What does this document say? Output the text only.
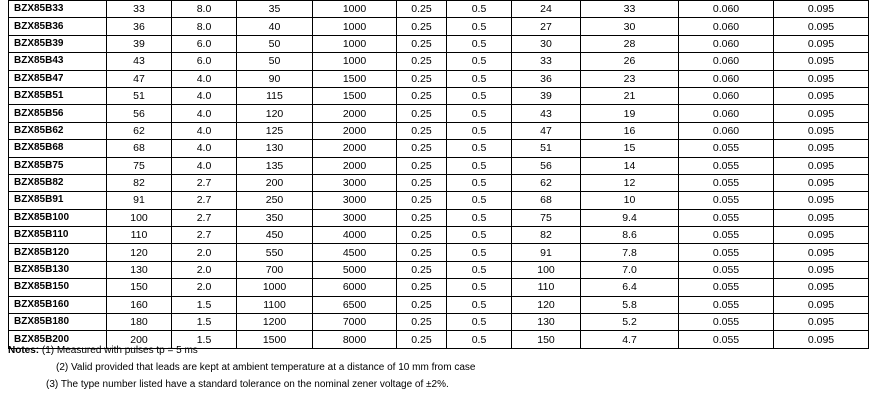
BZX85B33	33	8.0	35	1000	0.25	0.5	24	33	0.060	0.095
BZX85B36	36	8.0	40	1000	0.25	0.5	27	30	0.060	0.095
BZX85B39	39	6.0	50	1000	0.25	0.5	30	28	0.060	0.095
BZX85B43	43	6.0	50	1000	0.25	0.5	33	26	0.060	0.095
BZX85B47	47	4.0	90	1500	0.25	0.5	36	23	0.060	0.095
BZX85B51	51	4.0	115	1500	0.25	0.5	39	21	0.060	0.095
BZX85B56	56	4.0	120	2000	0.25	0.5	43	19	0.060	0.095
BZX85B62	62	4.0	125	2000	0.25	0.5	47	16	0.060	0.095
BZX85B68	68	4.0	130	2000	0.25	0.5	51	15	0.055	0.095
BZX85B75	75	4.0	135	2000	0.25	0.5	56	14	0.055	0.095
BZX85B82	82	2.7	200	3000	0.25	0.5	62	12	0.055	0.095
BZX85B91	91	2.7	250	3000	0.25	0.5	68	10	0.055	0.095
BZX85B100	100	2.7	350	3000	0.25	0.5	75	9.4	0.055	0.095
BZX85B110	110	2.7	450	4000	0.25	0.5	82	8.6	0.055	0.095
BZX85B120	120	2.0	550	4500	0.25	0.5	91	7.8	0.055	0.095
BZX85B130	130	2.0	700	5000	0.25	0.5	100	7.0	0.055	0.095
BZX85B150	150	2.0	1000	6000	0.25	0.5	110	6.4	0.055	0.095
BZX85B160	160	1.5	1100	6500	0.25	0.5	120	5.8	0.055	0.095
BZX85B180	180	1.5	1200	7000	0.25	0.5	130	5.2	0.055	0.095
BZX85B200	200	1.5	1500	8000	0.25	0.5	150	4.7	0.055	0.095
Notes: (1) Measured with pulses tp = 5 ms
(2) Valid provided that leads are kept at ambient temperature at a distance of 10 mm from case
(3) The type number listed have a standard tolerance on the nominal zener voltage of ±2%.
